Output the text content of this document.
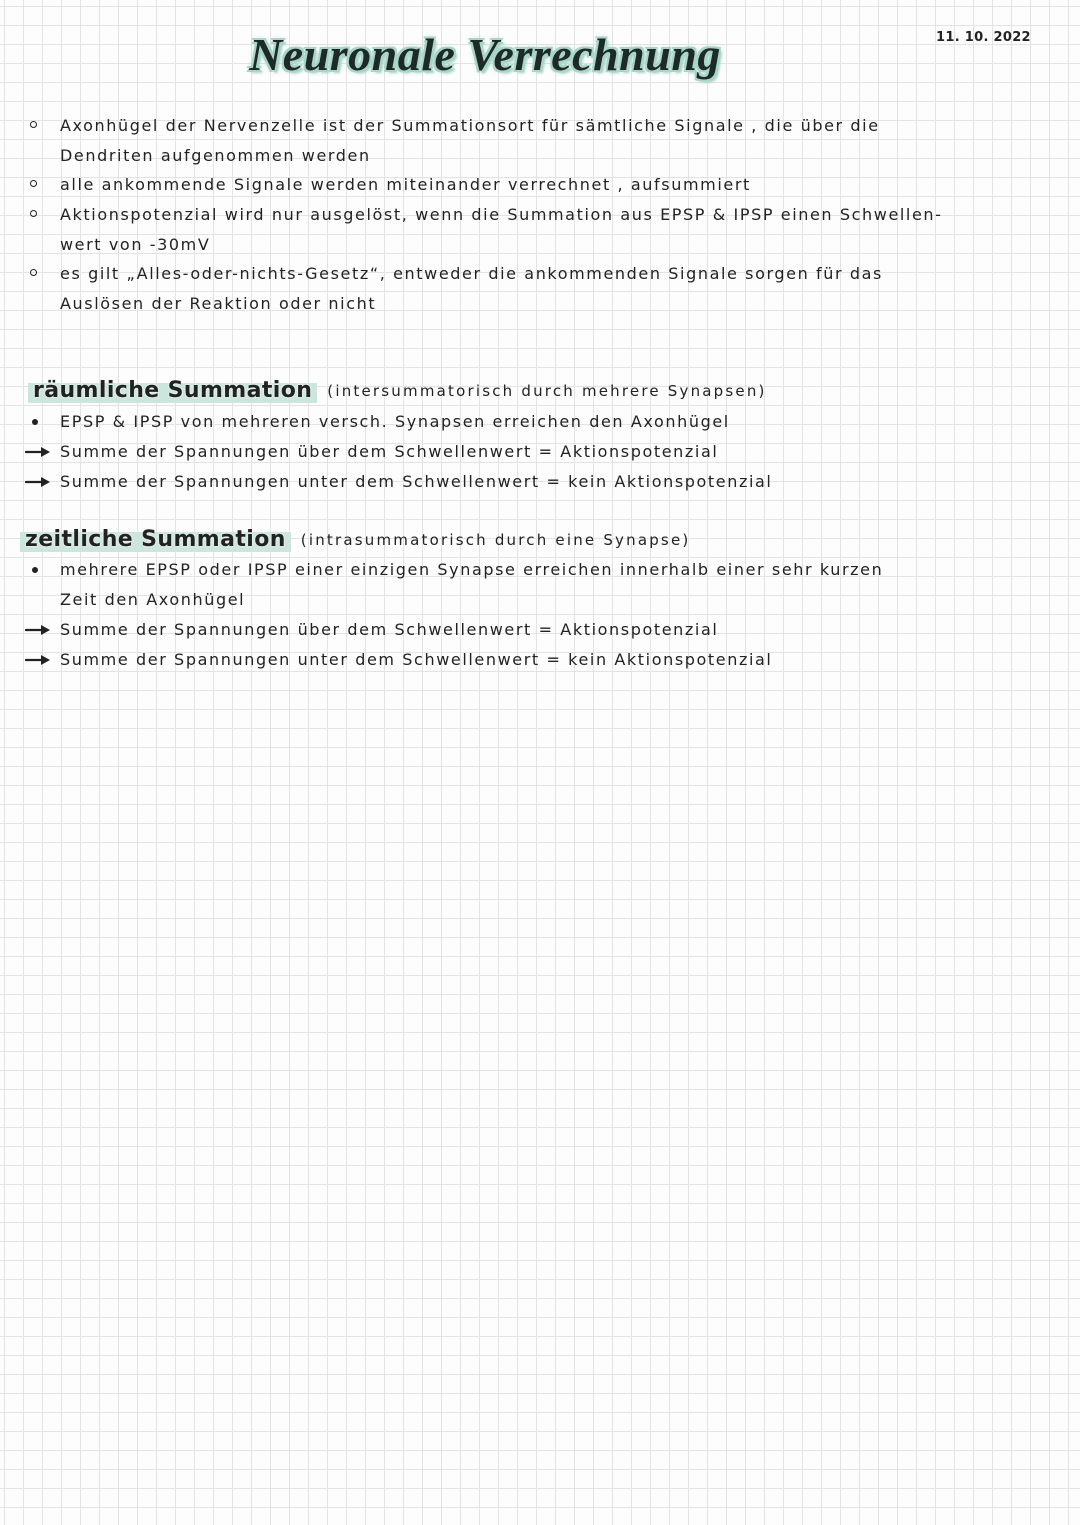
Neuronale Verrechnung	11. 10. 2022
Axonhügel der Nervenzelle ist der Summationsort für sämtliche Signale , die über die
Dendriten aufgenommen werden
alle ankommende Signale werden miteinander verrechnet , aufsummiert
Aktionspotenzial wird nur ausgelöst, wenn die Summation aus EPSP & IPSP einen Schwellen-
wert von -30mV
es gilt „Alles-oder-nichts-Gesetz“, entweder die ankommenden Signale sorgen für das
Auslösen der Reaktion oder nicht
räumliche Summation	(intersummatorisch durch mehrere Synapsen)
EPSP & IPSP von mehreren versch. Synapsen erreichen den Axonhügel
Summe der Spannungen über dem Schwellenwert = Aktionspotenzial
Summe der Spannungen unter dem Schwellenwert = kein Aktionspotenzial
zeitliche Summation	(intrasummatorisch durch eine Synapse)
mehrere EPSP oder IPSP einer einzigen Synapse erreichen innerhalb einer sehr kurzen
Zeit den Axonhügel
Summe der Spannungen über dem Schwellenwert = Aktionspotenzial
Summe der Spannungen unter dem Schwellenwert = kein Aktionspotenzial
